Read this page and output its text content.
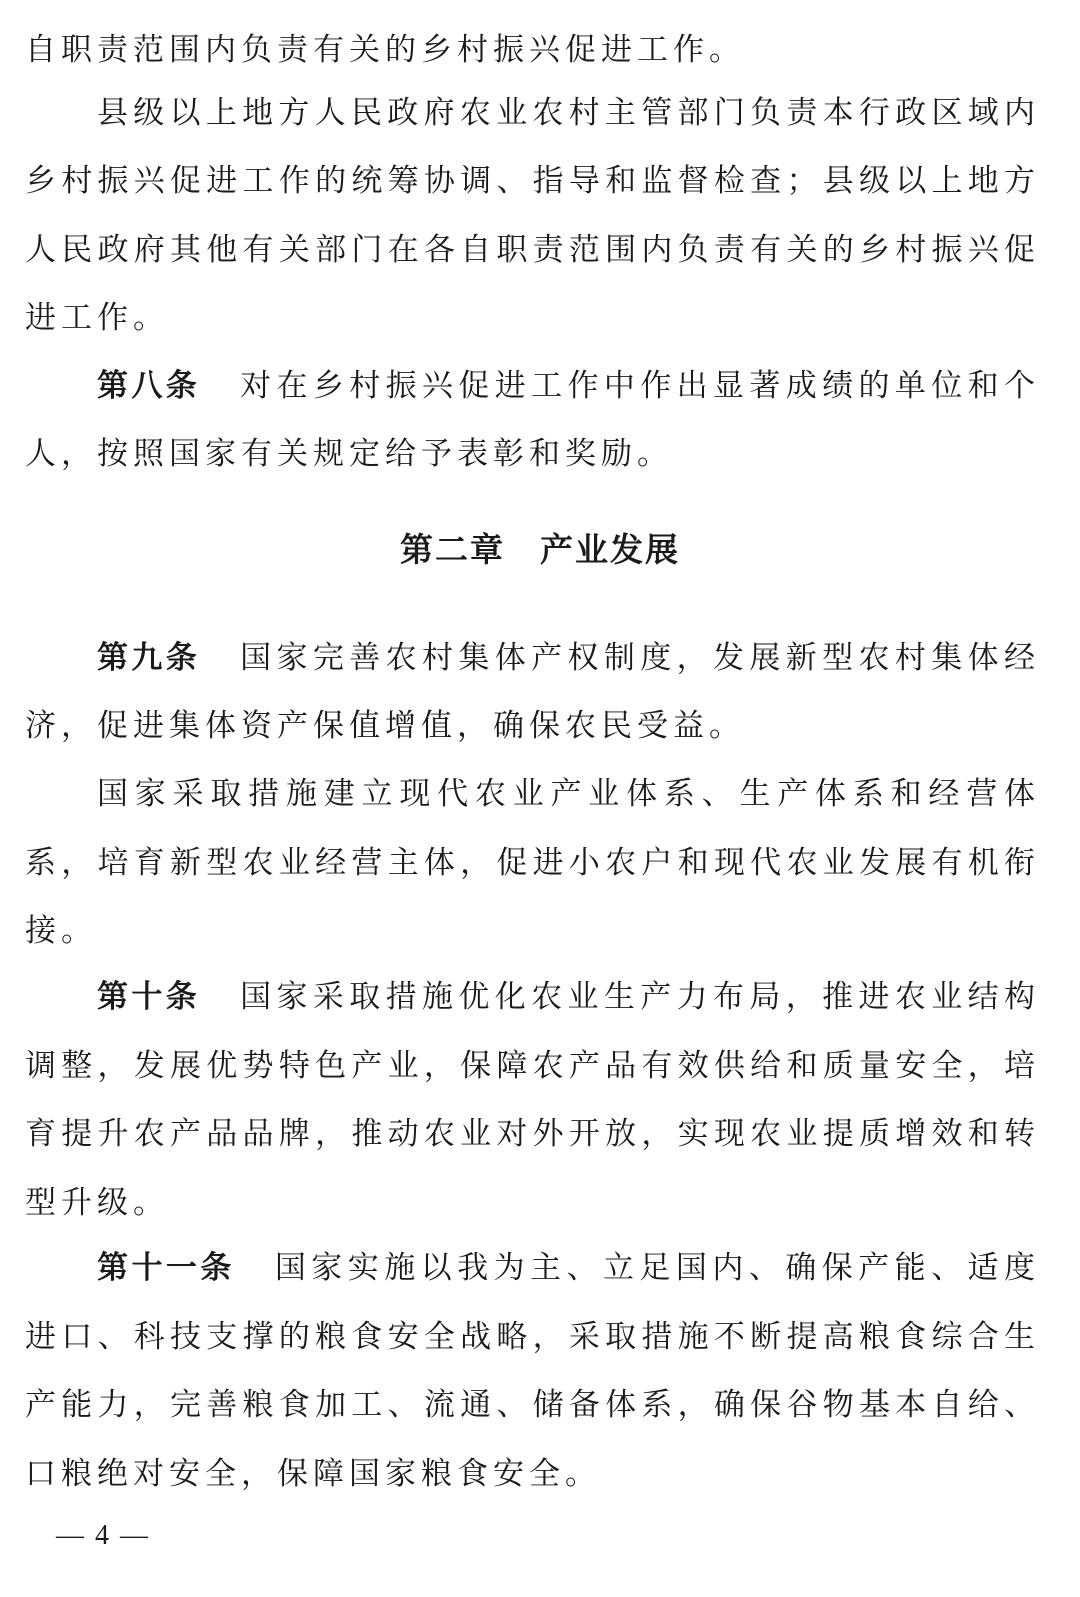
自职责范围内负责有关的乡村振兴促进工作。

县级以上地方人民政府农业农村主管部门负责本行政区域内乡村振兴促进工作的统筹协调、指导和监督检查；县级以上地方人民政府其他有关部门在各自职责范围内负责有关的乡村振兴促进工作。

第八条 对在乡村振兴促进工作中作出显著成绩的单位和个人，按照国家有关规定给予表彰和奖励。

第二章　产业发展

第九条 国家完善农村集体产权制度，发展新型农村集体经济，促进集体资产保值增值，确保农民受益。

国家采取措施建立现代农业产业体系、生产体系和经营体系，培育新型农业经营主体，促进小农户和现代农业发展有机衔接。

第十条 国家采取措施优化农业生产力布局，推进农业结构调整，发展优势特色产业，保障农产品有效供给和质量安全，培育提升农产品品牌，推动农业对外开放，实现农业提质增效和转型升级。

第十一条 国家实施以我为主、立足国内、确保产能、适度进口、科技支撑的粮食安全战略，采取措施不断提高粮食综合生产能力，完善粮食加工、流通、储备体系，确保谷物基本自给、口粮绝对安全，保障国家粮食安全。

— 4 —
